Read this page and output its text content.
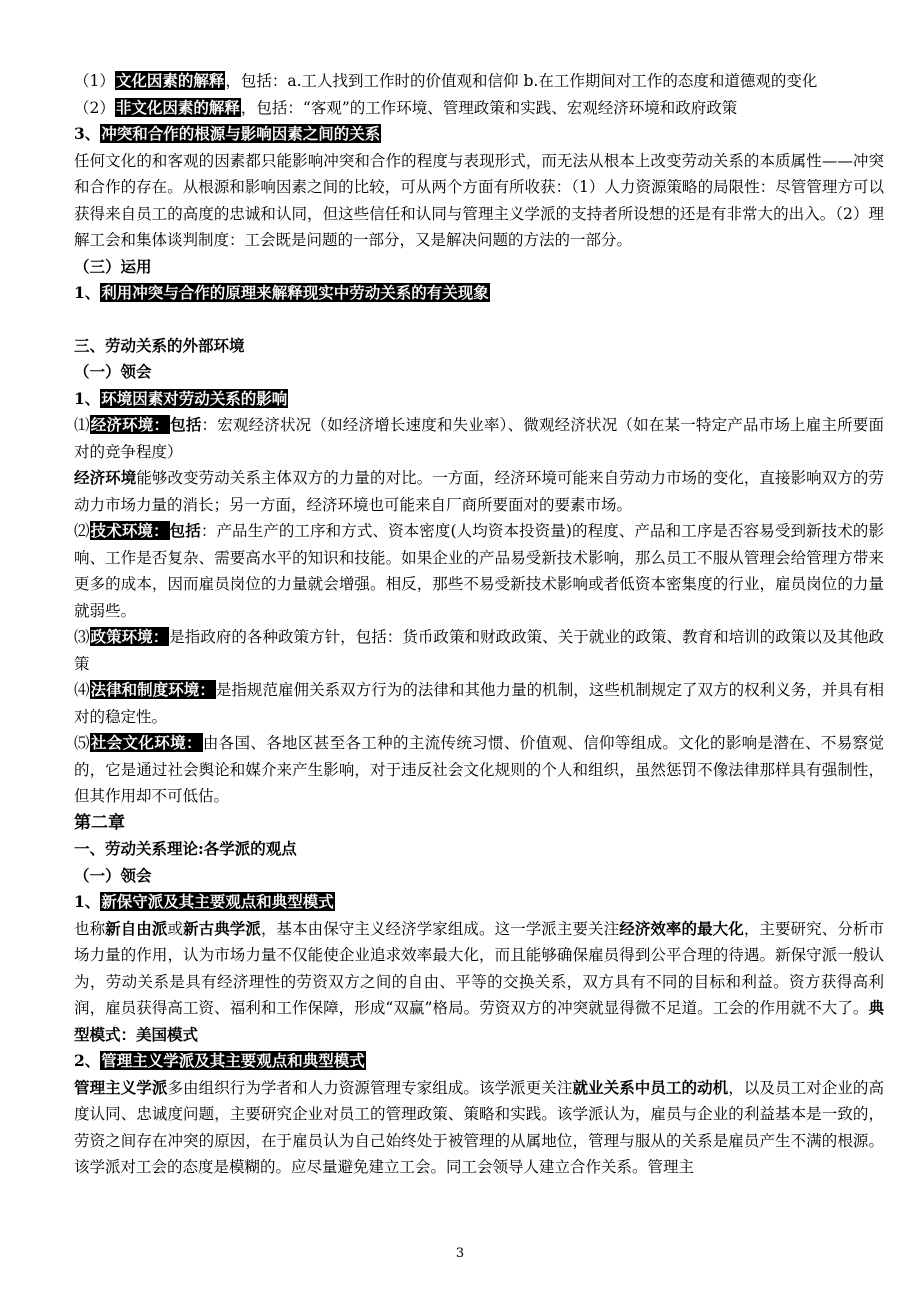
（1）文化因素的解释，包括：a.工人找到工作时的价值观和信仰 b.在工作期间对工作的态度和道德观的变化

（2）非文化因素的解释，包括：“客观”的工作环境、管理政策和实践、宏观经济环境和政府政策

3、冲突和合作的根源与影响因素之间的关系

任何文化的和客观的因素都只能影响冲突和合作的程度与表现形式，而无法从根本上改变劳动关系的本质属性——冲突和合作的存在。从根源和影响因素之间的比较，可从两个方面有所收获：（1）人力资源策略的局限性：尽管管理方可以获得来自员工的高度的忠诚和认同，但这些信任和认同与管理主义学派的支持者所设想的还是有非常大的出入。（2）理解工会和集体谈判制度：工会既是问题的一部分，又是解决问题的方法的一部分。

（三）运用

1、利用冲突与合作的原理来解释现实中劳动关系的有关现象

三、劳动关系的外部环境

（一）领会

1、环境因素对劳动关系的影响

⑴经济环境：包括：宏观经济状况（如经济增长速度和失业率）、微观经济状况（如在某一特定产品市场上雇主所要面对的竞争程度）

经济环境能够改变劳动关系主体双方的力量的对比。一方面，经济环境可能来自劳动力市场的变化，直接影响双方的劳动力市场力量的消长；另一方面，经济环境也可能来自厂商所要面对的要素市场。

⑵技术环境：包括：产品生产的工序和方式、资本密度(人均资本投资量)的程度、产品和工序是否容易受到新技术的影响、工作是否复杂、需要高水平的知识和技能。如果企业的产品易受新技术影响，那么员工不服从管理会给管理方带来更多的成本，因而雇员岗位的力量就会增强。相反，那些不易受新技术影响或者低资本密集度的行业，雇员岗位的力量就弱些。

⑶政策环境：是指政府的各种政策方针，包括：货币政策和财政政策、关于就业的政策、教育和培训的政策以及其他政策

⑷法律和制度环境：是指规范雇佣关系双方行为的法律和其他力量的机制，这些机制规定了双方的权利义务，并具有相对的稳定性。

⑸社会文化环境：由各国、各地区甚至各工种的主流传统习惯、价值观、信仰等组成。文化的影响是潜在、不易察觉的，它是通过社会舆论和媒介来产生影响，对于违反社会文化规则的个人和组织，虽然惩罚不像法律那样具有强制性，但其作用却不可低估。

第二章

一、劳动关系理论:各学派的观点

（一）领会

1、新保守派及其主要观点和典型模式

也称新自由派或新古典学派，基本由保守主义经济学家组成。这一学派主要关注经济效率的最大化，主要研究、分析市场力量的作用，认为市场力量不仅能使企业追求效率最大化，而且能够确保雇员得到公平合理的待遇。新保守派一般认为，劳动关系是具有经济理性的劳资双方之间的自由、平等的交换关系，双方具有不同的目标和利益。资方获得高利润，雇员获得高工资、福利和工作保障，形成“双赢”格局。劳资双方的冲突就显得微不足道。工会的作用就不大了。典型模式：美国模式

2、管理主义学派及其主要观点和典型模式

管理主义学派多由组织行为学者和人力资源管理专家组成。该学派更关注就业关系中员工的动机，以及员工对企业的高度认同、忠诚度问题，主要研究企业对员工的管理政策、策略和实践。该学派认为，雇员与企业的利益基本是一致的，劳资之间存在冲突的原因，在于雇员认为自己始终处于被管理的从属地位，管理与服从的关系是雇员产生不满的根源。该学派对工会的态度是模糊的。应尽量避免建立工会。同工会领导人建立合作关系。管理主

3
